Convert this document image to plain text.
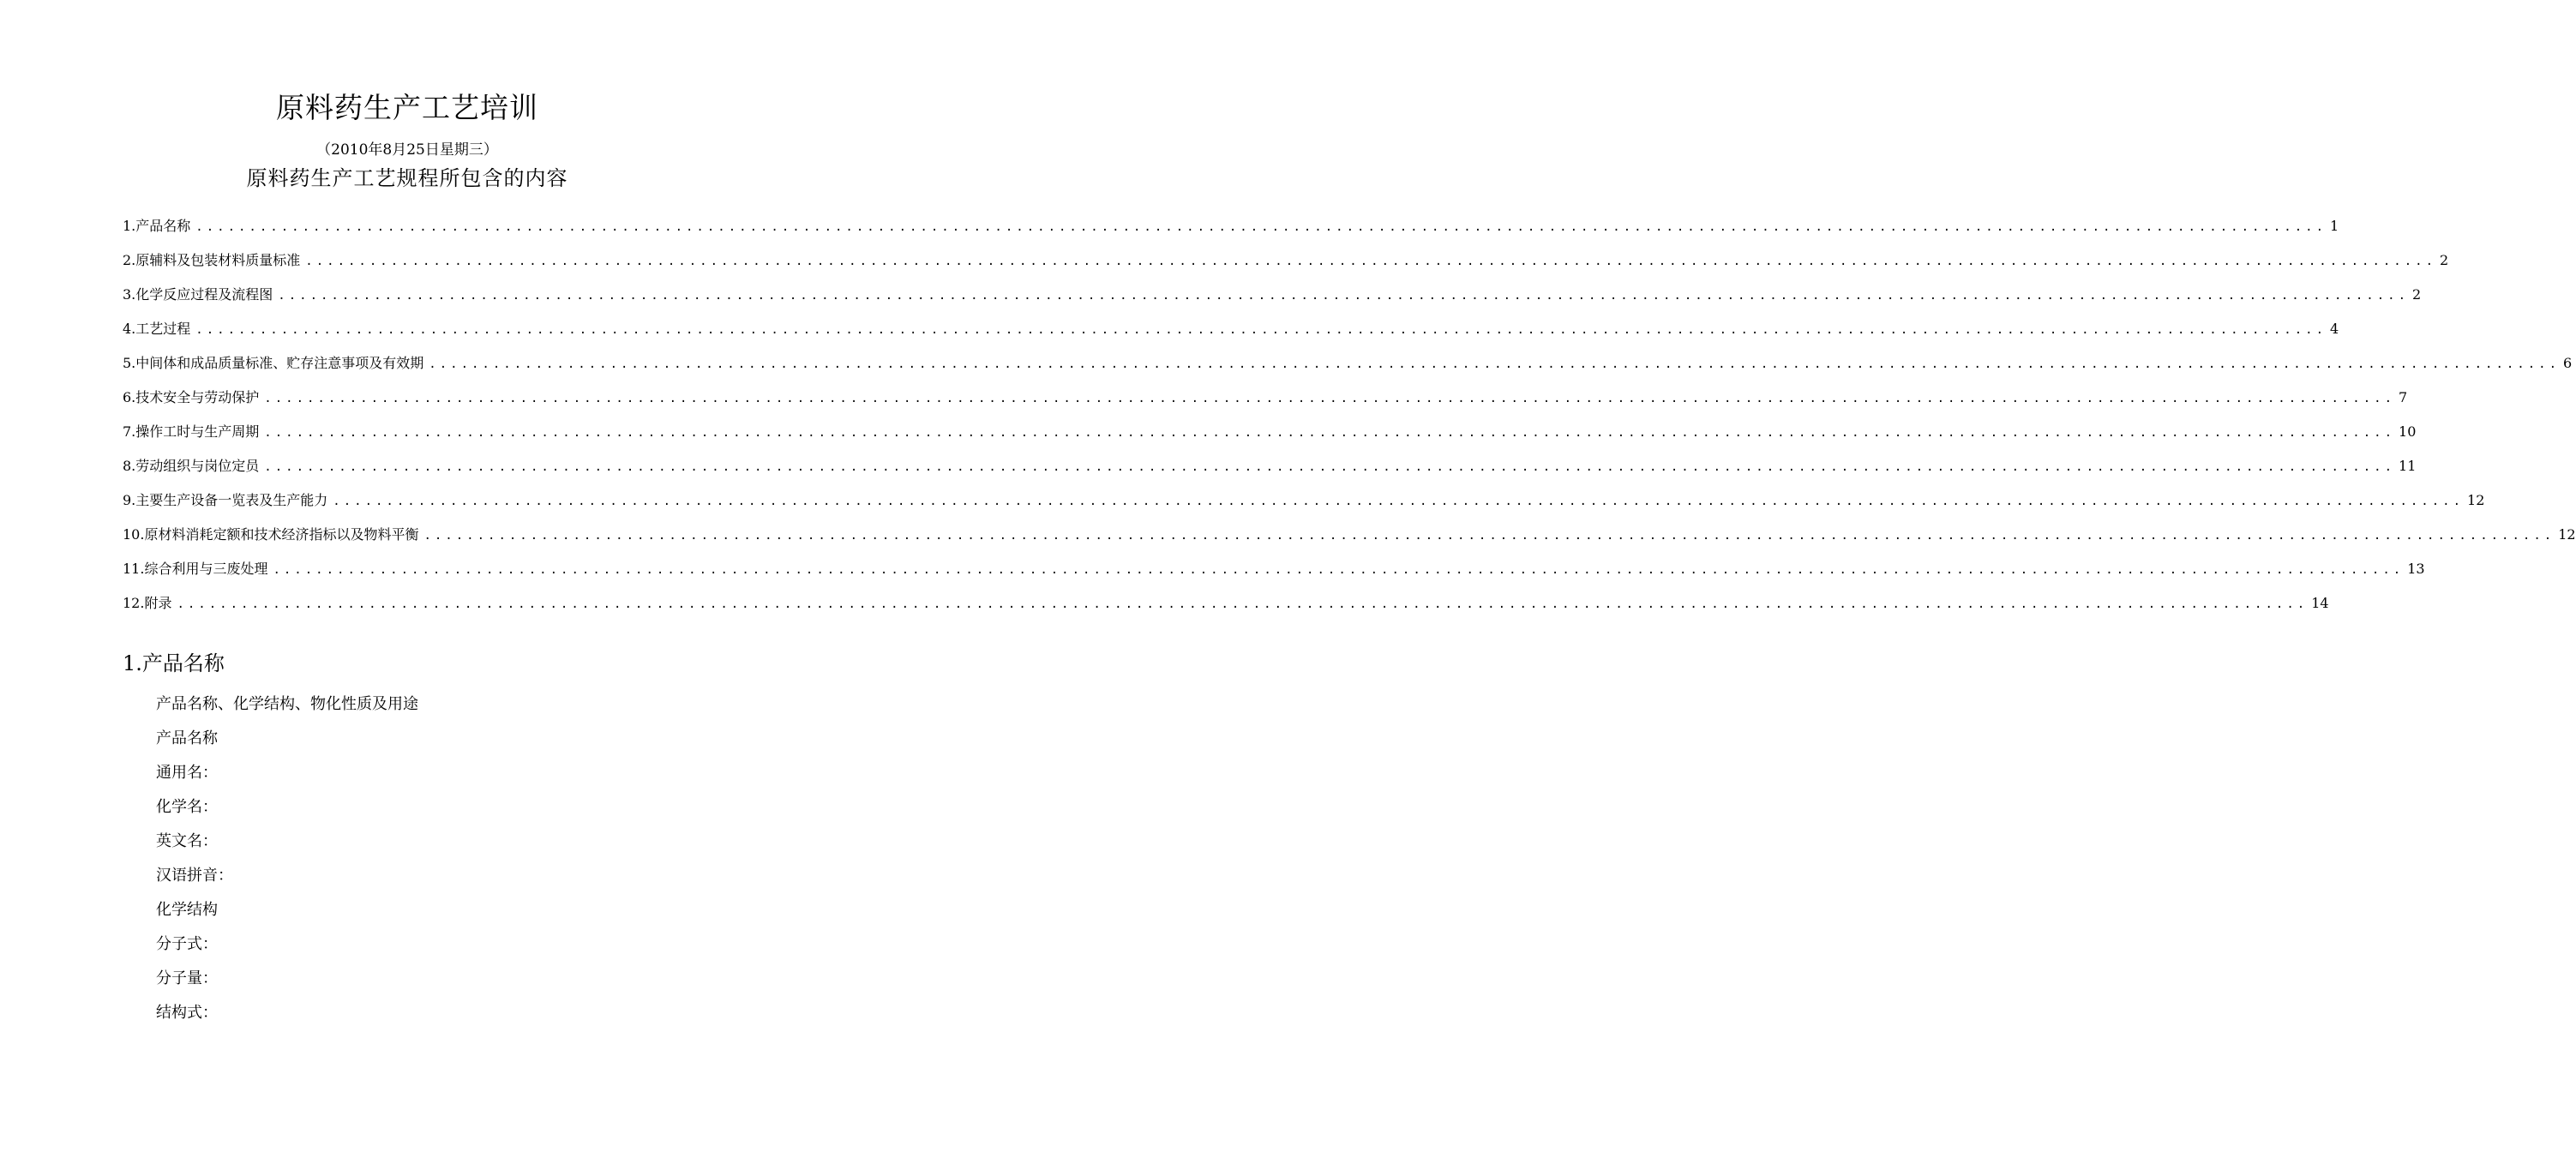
原料药生产工艺培训
（2010年8月25日星期三）
原料药生产工艺规程所包含的内容
1.产品名称 ........................................................................................................................................................................................................ 1
2.原辅料及包装材料质量标准 ........................................................................................................................................................................................................ 2
3.化学反应过程及流程图 ........................................................................................................................................................................................................ 2
4.工艺过程 ........................................................................................................................................................................................................ 4
5.中间体和成品质量标准、贮存注意事项及有效期 ........................................................................................................................................................................................................ 6
6.技术安全与劳动保护 ........................................................................................................................................................................................................ 7
7.操作工时与生产周期 ........................................................................................................................................................................................................ 10
8.劳动组织与岗位定员 ........................................................................................................................................................................................................ 11
9.主要生产设备一览表及生产能力 ........................................................................................................................................................................................................ 12
10.原材料消耗定额和技术经济指标以及物料平衡 ........................................................................................................................................................................................................ 12
11.综合利用与三废处理 ........................................................................................................................................................................................................ 13
12.附录 ........................................................................................................................................................................................................ 14
1.产品名称
产品名称、化学结构、物化性质及用途
产品名称
通用名：
化学名：
英文名：
汉语拼音：
化学结构
分子式：
分子量：
结构式：
